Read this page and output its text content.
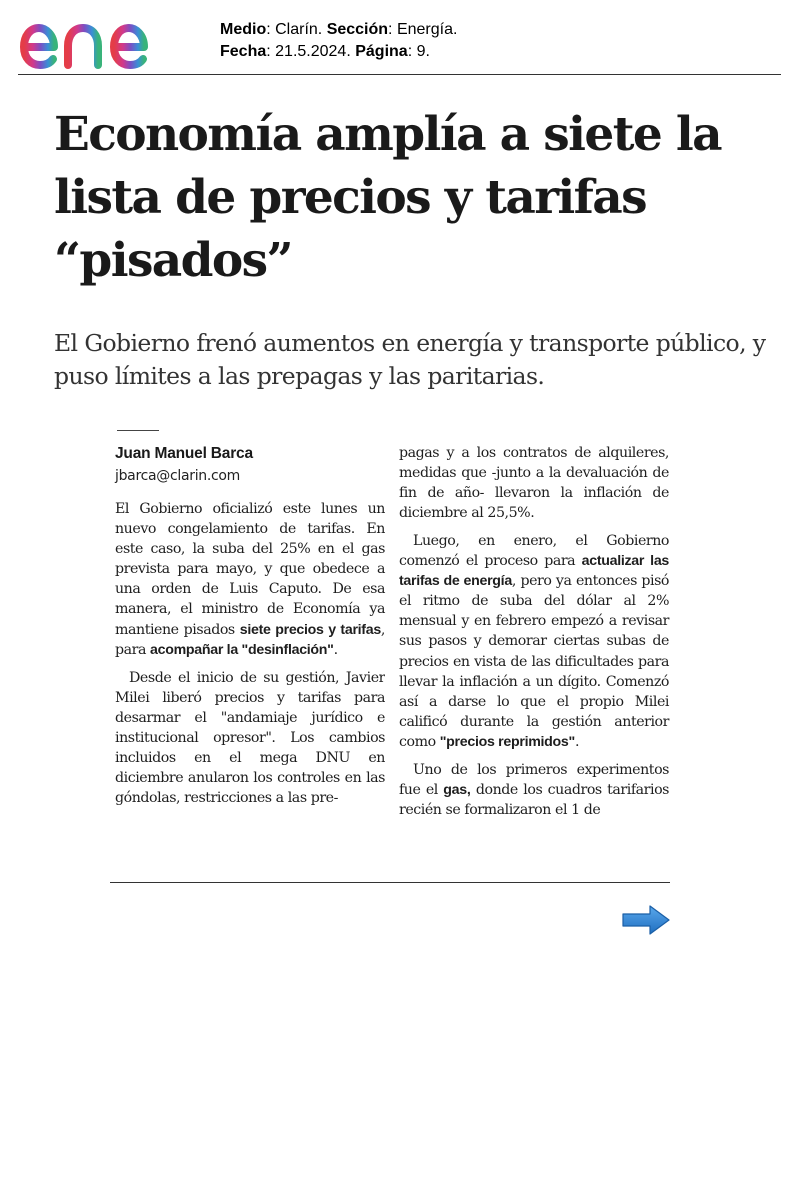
Medio: Clarín. Sección: Energía.
Fecha: 21.5.2024. Página: 9.
Economía amplía a siete la lista de precios y tarifas “pisados”

El Gobierno frenó aumentos en energía y transporte público, y puso límites a las prepagas y las paritarias.

Juan Manuel Barca
jbarca@clarin.com

El Gobierno oficializó este lunes un nuevo congelamiento de tarifas. En este caso, la suba del 25% en el gas prevista para mayo, y que obedece a una orden de Luis Caputo. De esa manera, el ministro de Economía ya mantiene pisados siete precios y tarifas, para acompañar la "desinflación".

Desde el inicio de su gestión, Javier Milei liberó precios y tarifas para desarmar el "andamiaje jurídico e institucional opresor". Los cambios incluidos en el mega DNU en diciembre anularon los controles en las góndolas, restricciones a las pre-

pagas y a los contratos de alquileres, medidas que -junto a la devaluación de fin de año- llevaron la inflación de diciembre al 25,5%.

Luego, en enero, el Gobierno comenzó el proceso para actualizar las tarifas de energía, pero ya entonces pisó el ritmo de suba del dólar al 2% mensual y en febrero empezó a revisar sus pasos y demorar ciertas subas de precios en vista de las dificultades para llevar la inflación a un dígito. Comenzó así a darse lo que el propio Milei calificó durante la gestión anterior como "precios reprimidos".

Uno de los primeros experimentos fue el gas, donde los cuadros tarifarios recién se formalizaron el 1 de
